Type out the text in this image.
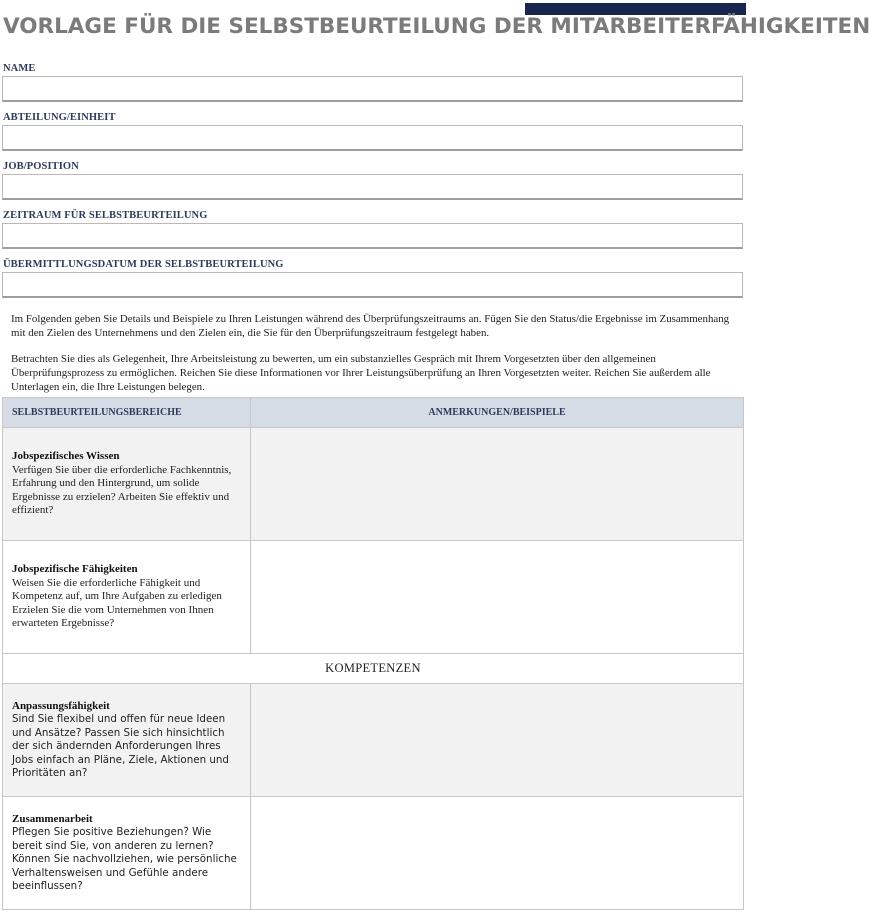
VORLAGE FÜR DIE SELBSTBEURTEILUNG DER MITARBEITERFÄHIGKEITEN
NAME
ABTEILUNG/EINHEIT
JOB/POSITION
ZEITRAUM FÜR SELBSTBEURTEILUNG
ÜBERMITTLUNGSDATUM DER SELBSTBEURTEILUNG
Im Folgenden geben Sie Details und Beispiele zu Ihren Leistungen während des Überprüfungszeitraums an. Fügen Sie den Status/die Ergebnisse im Zusammenhang mit den Zielen des Unternehmens und den Zielen ein, die Sie für den Überprüfungszeitraum festgelegt haben.
Betrachten Sie dies als Gelegenheit, Ihre Arbeitsleistung zu bewerten, um ein substanzielles Gespräch mit Ihrem Vorgesetzten über den allgemeinen Überprüfungsprozess zu ermöglichen. Reichen Sie diese Informationen vor Ihrer Leistungsüberprüfung an Ihren Vorgesetzten weiter. Reichen Sie außerdem alle Unterlagen ein, die Ihre Leistungen belegen.
SELBSTBEURTEILUNGSBEREICHE	ANMERKUNGEN/BEISPIELE

Jobspezifisches Wissen
Verfügen Sie über die erforderliche Fachkenntnis, Erfahrung und den Hintergrund, um solide Ergebnisse zu erzielen? Arbeiten Sie effektiv und effizient?	

Jobspezifische Fähigkeiten
Weisen Sie die erforderliche Fähigkeit und Kompetenz auf, um Ihre Aufgaben zu erledigen Erzielen Sie die vom Unternehmen von Ihnen erwarteten Ergebnisse?	

KOMPETENZEN	

Anpassungsfähigkeit
Sind Sie flexibel und offen für neue Ideen und Ansätze? Passen Sie sich hinsichtlich der sich ändernden Anforderungen Ihres Jobs einfach an Pläne, Ziele, Aktionen und Prioritäten an?	

Zusammenarbeit
Pflegen Sie positive Beziehungen? Wie bereit sind Sie, von anderen zu lernen? Können Sie nachvollziehen, wie persönliche Verhaltensweisen und Gefühle andere beeinflussen?	
